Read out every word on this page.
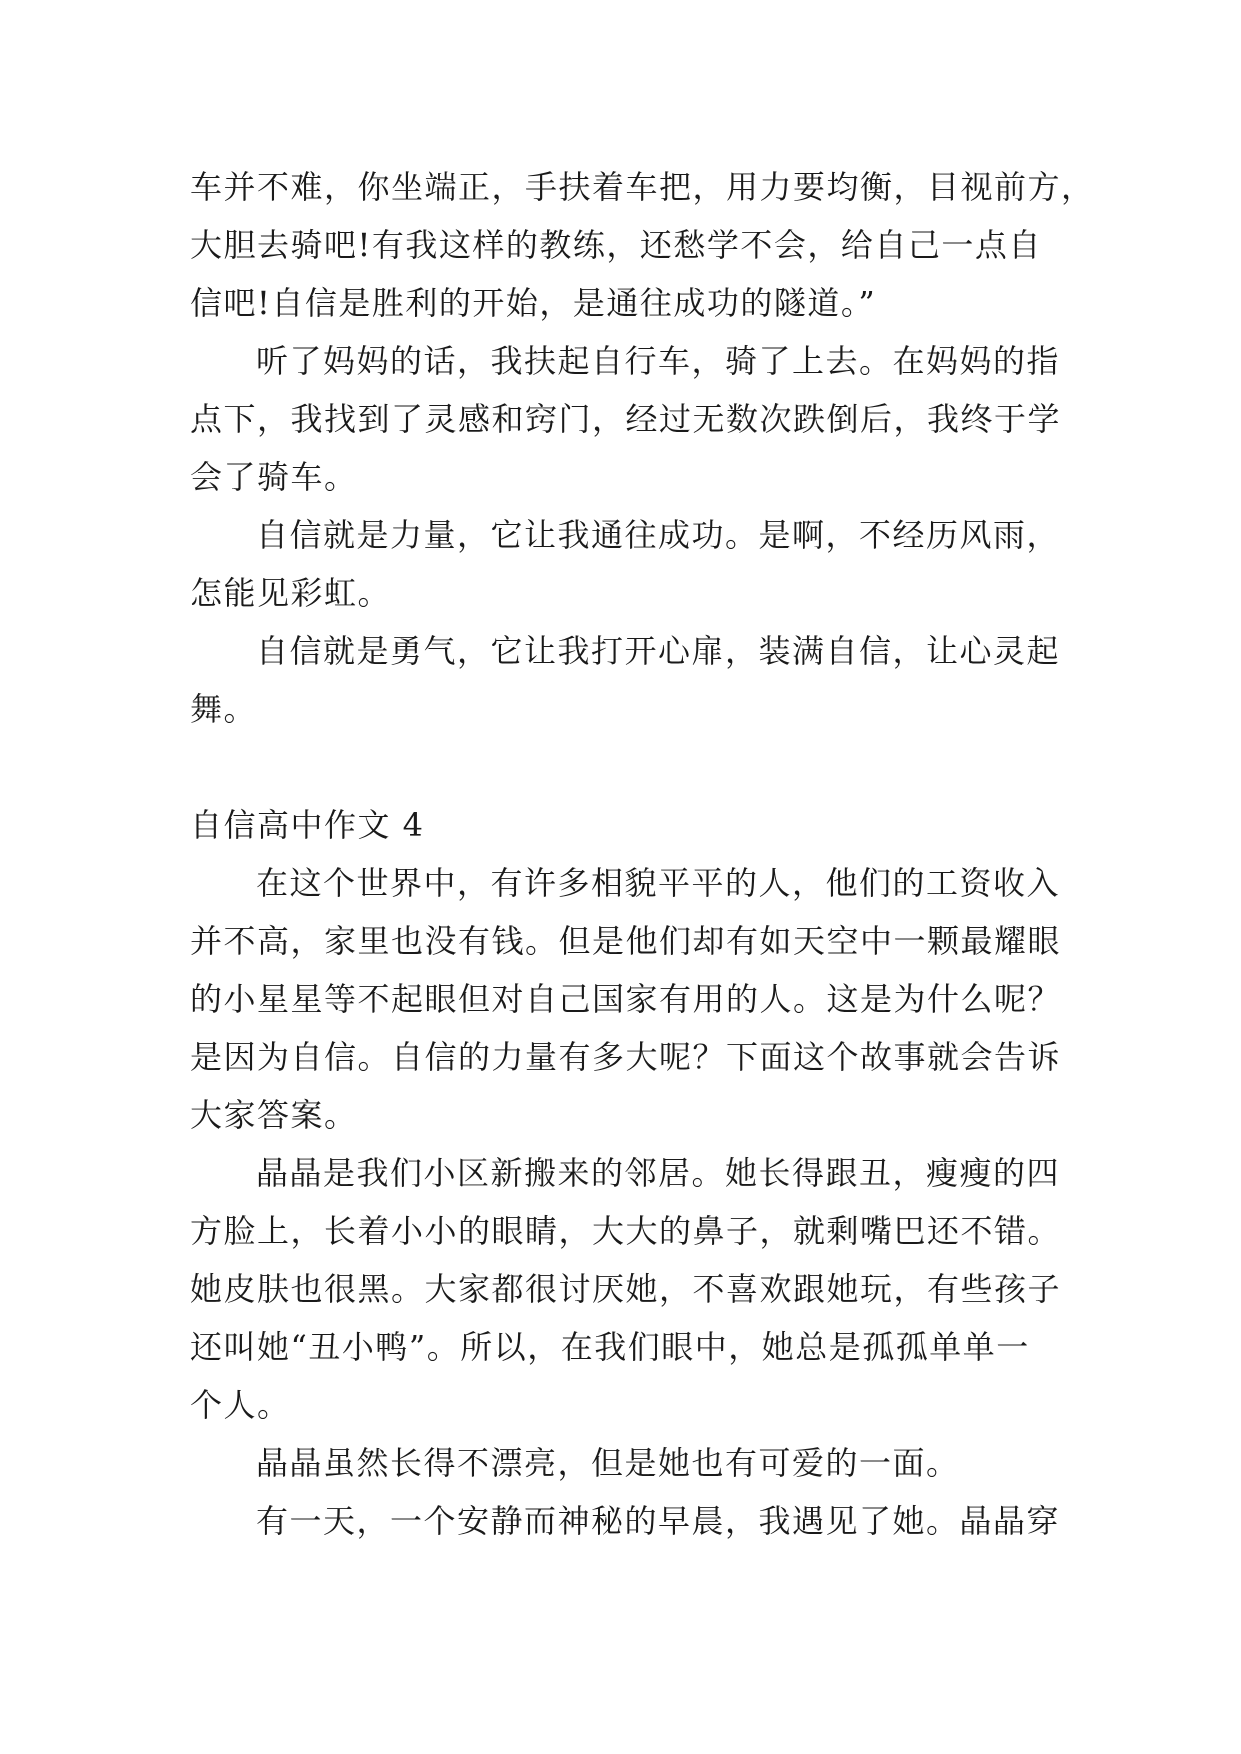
车并不难，你坐端正，手扶着车把，用力要均衡，目视前方，
大胆去骑吧!有我这样的教练，还愁学不会，给自己一点自
信吧!自信是胜利的开始，是通往成功的隧道。”
听了妈妈的话，我扶起自行车，骑了上去。在妈妈的指
点下，我找到了灵感和窍门，经过无数次跌倒后，我终于学
会了骑车。
自信就是力量，它让我通往成功。是啊，不经历风雨，
怎能见彩虹。
自信就是勇气，它让我打开心扉，装满自信，让心灵起
舞。
自信高中作文 4
在这个世界中，有许多相貌平平的人，他们的工资收入
并不高，家里也没有钱。但是他们却有如天空中一颗最耀眼
的小星星等不起眼但对自己国家有用的人。这是为什么呢？
是因为自信。自信的力量有多大呢？下面这个故事就会告诉
大家答案。
晶晶是我们小区新搬来的邻居。她长得跟丑，瘦瘦的四
方脸上，长着小小的眼睛，大大的鼻子，就剩嘴巴还不错。
她皮肤也很黑。大家都很讨厌她，不喜欢跟她玩，有些孩子
还叫她“丑小鸭”。所以，在我们眼中，她总是孤孤单单一
个人。
晶晶虽然长得不漂亮，但是她也有可爱的一面。
有一天，一个安静而神秘的早晨，我遇见了她。晶晶穿
